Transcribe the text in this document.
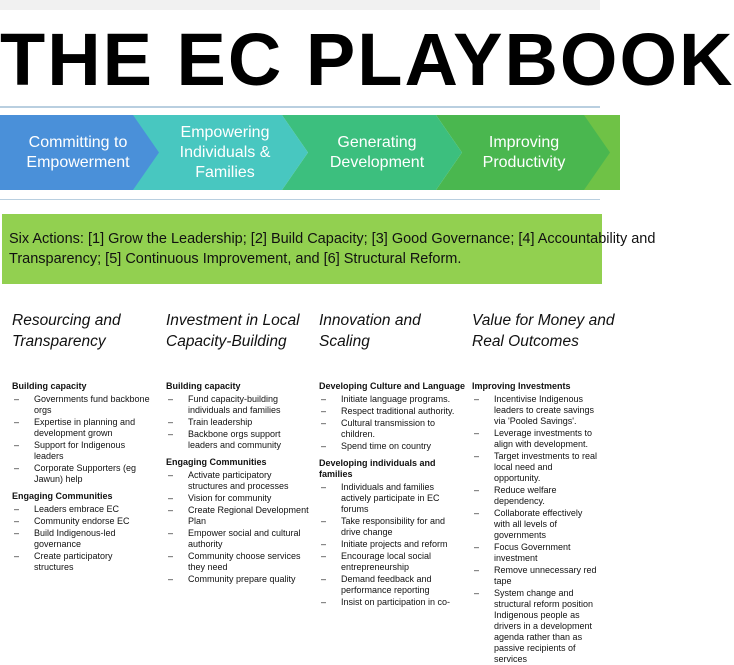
THE EC PLAYBOOK
Committing to Empowerment
Empowering Individuals & Families
Generating Development
Improving Productivity
Six Actions: [1] Grow the Leadership; [2] Build Capacity; [3] Good Governance; [4] Accountability and Transparency; [5] Continuous Improvement, and [6] Structural Reform.
Resourcing and Transparency
Investment in Local Capacity-Building
Innovation and Scaling
Value for Money and Real Outcomes
Building capacity
– Governments fund backbone orgs
– Expertise in planning and development grown
– Support for Indigenous leaders
– Corporate Supporters (eg Jawun) help
Engaging Communities
– Leaders embrace EC
– Community endorse EC
– Build Indigenous-led governance
– Create participatory structures
Building capacity
– Fund capacity-building individuals and families
– Train leadership
– Backbone orgs support leaders and community
Engaging Communities
– Activate participatory structures and processes
– Vision for community
– Create Regional Development Plan
– Empower social and cultural authority
– Community choose services they need
– Community prepare quality
Developing Culture and Language
– Initiate language programs.
– Respect traditional authority.
– Cultural transmission to children.
– Spend time on country
Developing individuals and families
– Individuals and families actively participate in EC forums
– Take responsibility for and drive change
– Initiate projects and reform
– Encourage local social entrepreneurship
– Demand feedback and performance reporting
– Insist on participation in co-
Improving Investments
– Incentivise Indigenous leaders to create savings via 'Pooled Savings'.
– Leverage investments to align with development.
– Target investments to real local need and opportunity.
– Reduce welfare dependency.
– Collaborate effectively with all levels of governments
– Focus Government investment
– Remove unnecessary red tape
– System change and structural reform position Indigenous people as drivers in a development agenda rather than as passive recipients of services
